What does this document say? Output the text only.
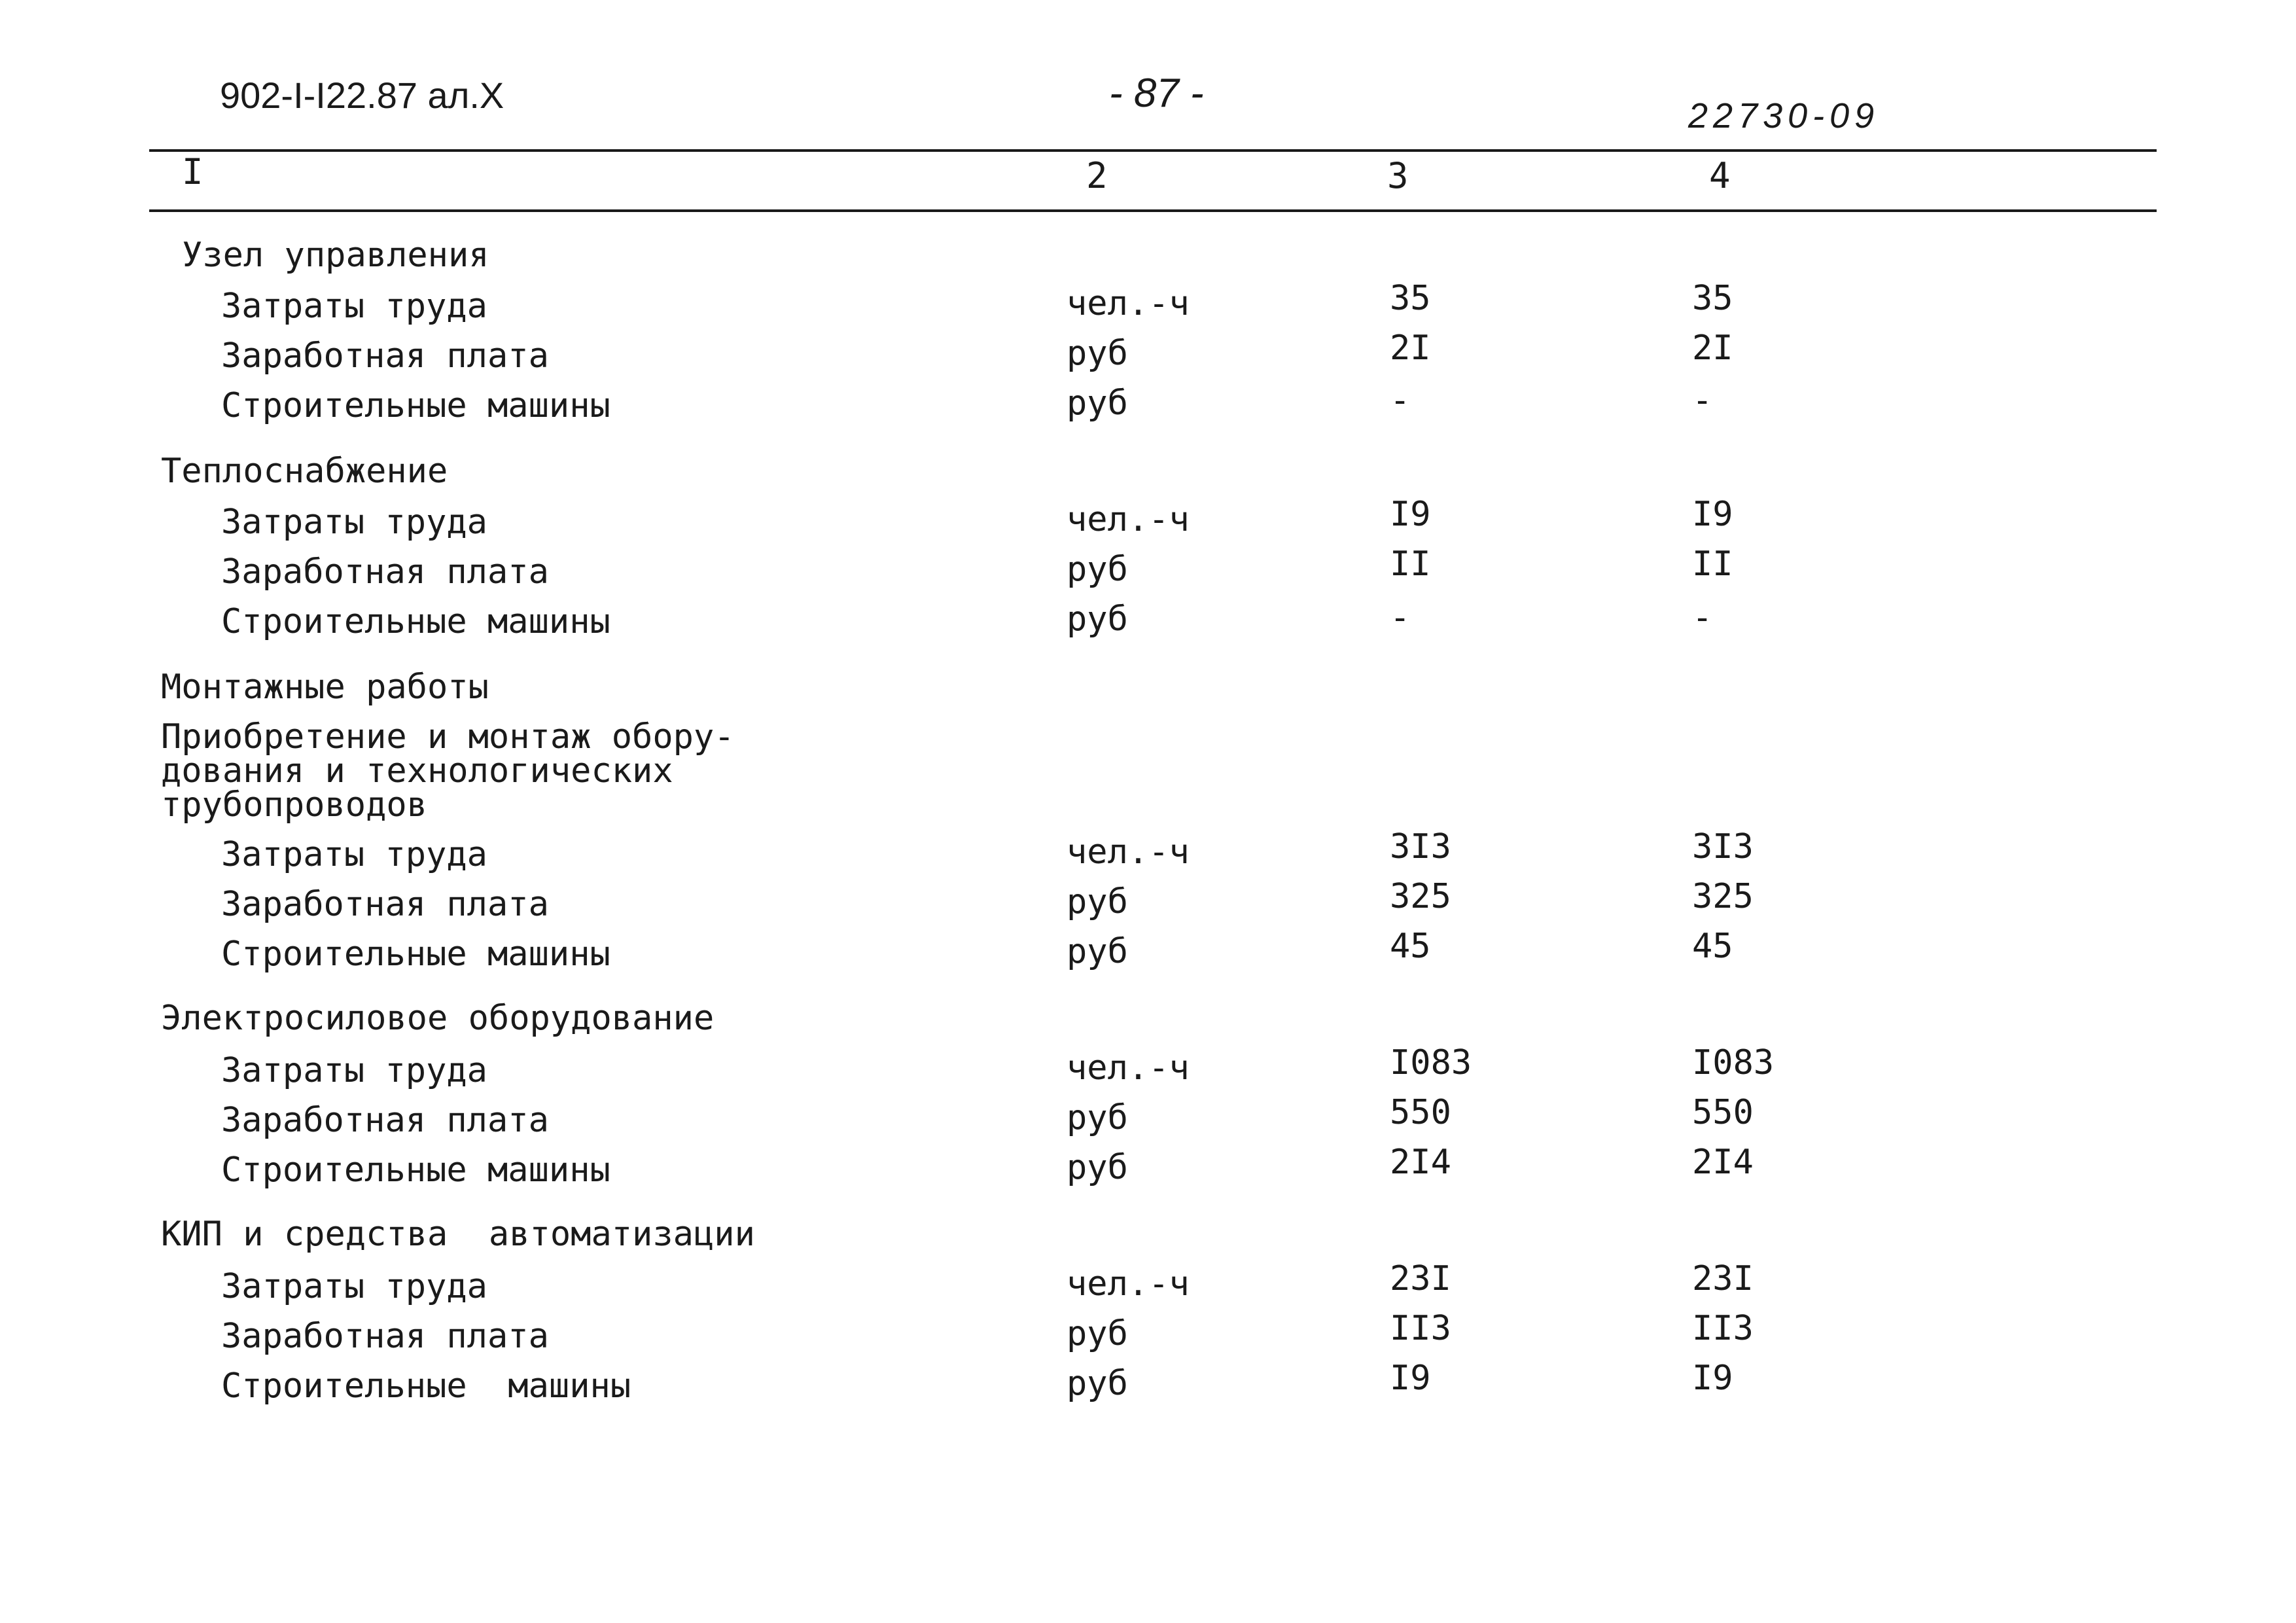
902-I-I22.87 ал.Х	- 87 -	22730-09
I	2	3	4
Узел управления
Затраты труда	чел.-ч	35	35
Заработная плата	руб	2I	2I
Строительные машины	руб	-	-
Теплоснабжение
Затраты труда	чел.-ч	I9	I9
Заработная плата	руб	II	II
Строительные машины	руб	-	-
Монтажные работы
Приобретение и монтаж обору-
дования и технологических
трубопроводов
Затраты труда	чел.-ч	3I3	3I3
Заработная плата	руб	325	325
Строительные машины	руб	45	45
Электросиловое оборудование
Затраты труда	чел.-ч	I083	I083
Заработная плата	руб	550	550
Строительные машины	руб	2I4	2I4
КИП и средства  автоматизации
Затраты труда	чел.-ч	23I	23I
Заработная плата	руб	II3	II3
Строительные  машины	руб	I9	I9
